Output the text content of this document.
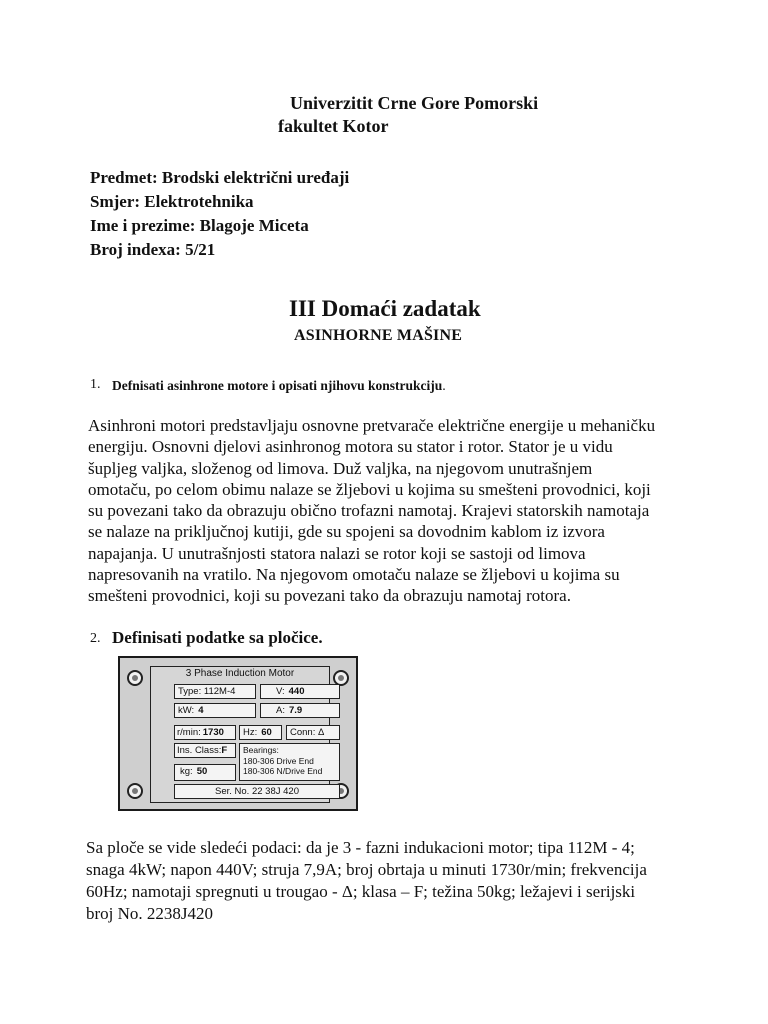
Univerzitit Crne Gore Pomorski
fakultet Kotor
Predmet: Brodski električni uređaji
Smjer: Elektrotehnika
Ime i prezime: Blagoje Miceta
Broj indexa: 5/21
III Domaći zadatak
ASINHORNE MAŠINE
1. Defnisati asinhrone motore i opisati njihovu konstrukciju.
Asinhroni motori predstavljaju osnovne pretvarače električne energije u mehaničku
energiju. Osnovni djelovi asinhronog motora su stator i rotor. Stator je u vidu
šupljeg valjka, složenog od limova. Duž valjka, na njegovom unutrašnjem
omotaču, po celom obimu nalaze se žljebovi u kojima su smešteni provodnici, koji
su povezani tako da obrazuju obično trofazni namotaj. Krajevi statorskih namotaja
se nalaze na priključnoj kutiji, gde su spojeni sa dovodnim kablom iz izvora
napajanja. U unutrašnjosti statora nalazi se rotor koji se sastoji od limova
napresovanih na vratilo. Na njegovom omotaču nalaze se žljebovi u kojima su
smešteni provodnici, koji su povezani tako da obrazuju namotaj rotora.
2. Definisati podatke sa pločice.
3 Phase Induction Motor
Type: 112M-4	V: 440
kW: 4	A: 7.9
r/min: 1730	Hz: 60	Conn: Δ
Ins. Class:F	Bearings:
180-306 Drive End
180-306 N/Drive End
kg: 50
Ser. No. 22 38J 420
Sa ploče se vide sledeći podaci: da je 3 - fazni indukacioni motor; tipa 112M - 4;
snaga 4kW; napon 440V; struja 7,9A; broj obrtaja u minuti 1730r/min; frekvencija
60Hz; namotaji spregnuti u trougao - Δ; klasa – F; težina 50kg; ležajevi i serijski
broj No. 2238J420
